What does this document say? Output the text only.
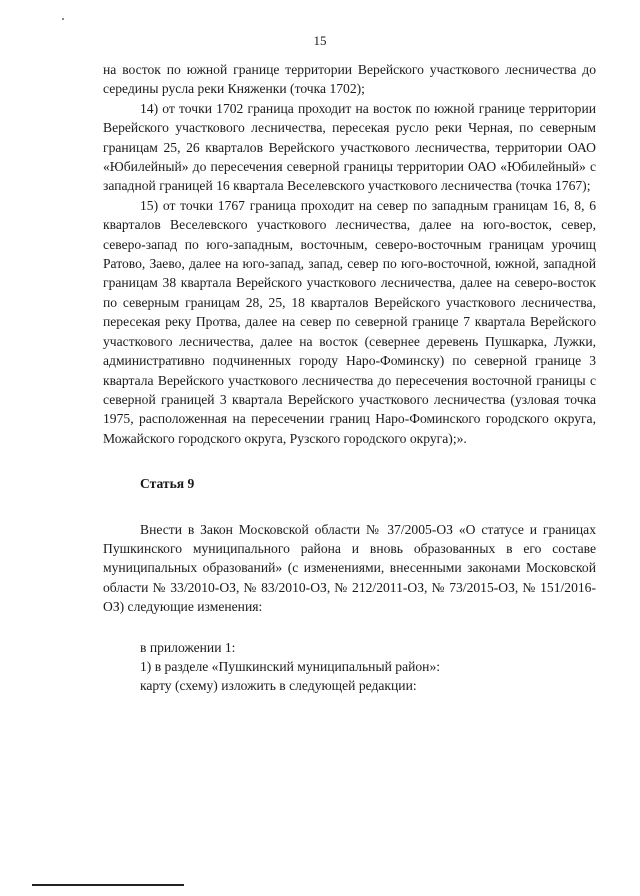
15

на восток по южной границе территории Верейского участкового лесничества до середины русла реки Княженки (точка 1702);

14) от точки 1702 граница проходит на восток по южной границе территории Верейского участкового лесничества, пересекая русло реки Черная, по северным границам 25, 26 кварталов Верейского участкового лесничества, территории ОАО «Юбилейный» до пересечения северной границы территории ОАО «Юбилейный» с западной границей 16 квартала Веселевского участкового лесничества (точка 1767);

15) от точки 1767 граница проходит на север по западным границам 16, 8, 6 кварталов Веселевского участкового лесничества, далее на юго-восток, север, северо-запад по юго-западным, восточным, северо-восточным границам урочищ Ратово, Заево, далее на юго-запад, запад, север по юго-восточной, южной, западной границам 38 квартала Верейского участкового лесничества, далее на северо-восток по северным границам 28, 25, 18 кварталов Верейского участкового лесничества, пересекая реку Протва, далее на север по северной границе 7 квартала Верейского участкового лесничества, далее на восток (севернее деревень Пушкарка, Лужки, административно подчиненных городу Наро-Фоминску) по северной границе 3 квартала Верейского участкового лесничества до пересечения восточной границы с северной границей 3 квартала Верейского участкового лесничества (узловая точка 1975, расположенная на пересечении границ Наро-Фоминского городского округа, Можайского городского округа, Рузского городского округа);».

Статья 9

Внести в Закон Московской области № 37/2005-ОЗ «О статусе и границах Пушкинского муниципального района и вновь образованных в его составе муниципальных образований» (с изменениями, внесенными законами Московской области № 33/2010-ОЗ, № 83/2010-ОЗ, № 212/2011-ОЗ, № 73/2015-ОЗ, № 151/2016-ОЗ) следующие изменения:

в приложении 1:

1) в разделе «Пушкинский муниципальный район»:

карту (схему) изложить в следующей редакции:
